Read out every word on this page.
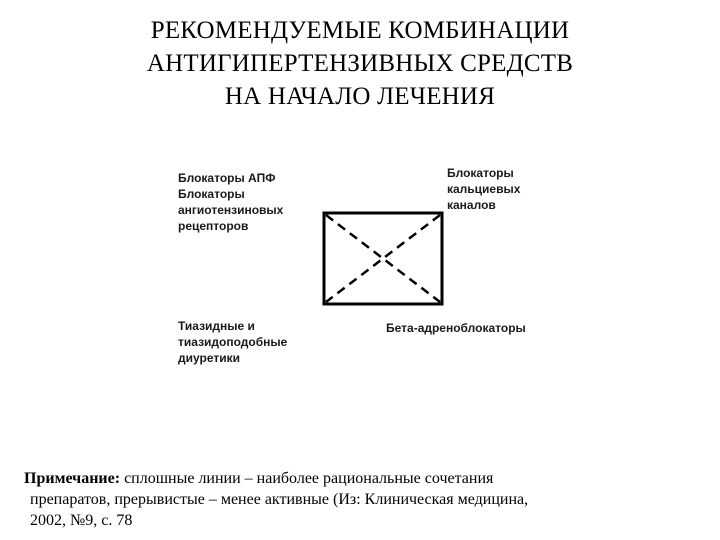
РЕКОМЕНДУЕМЫЕ КОМБИНАЦИИ
АНТИГИПЕРТЕНЗИВНЫХ СРЕДСТВ
НА НАЧАЛО ЛЕЧЕНИЯ
Блокаторы АПФ
Блокаторы
ангиотензиновых
рецепторов
Блокаторы
кальциевых
каналов
Тиазидные и
тиазидоподобные
диуретики
Бета-адреноблокаторы
Примечание: сплошные линии – наиболее рациональные сочетания
препаратов, прерывистые – менее активные (Из: Клиническая медицина,
2002, №9, с. 78
